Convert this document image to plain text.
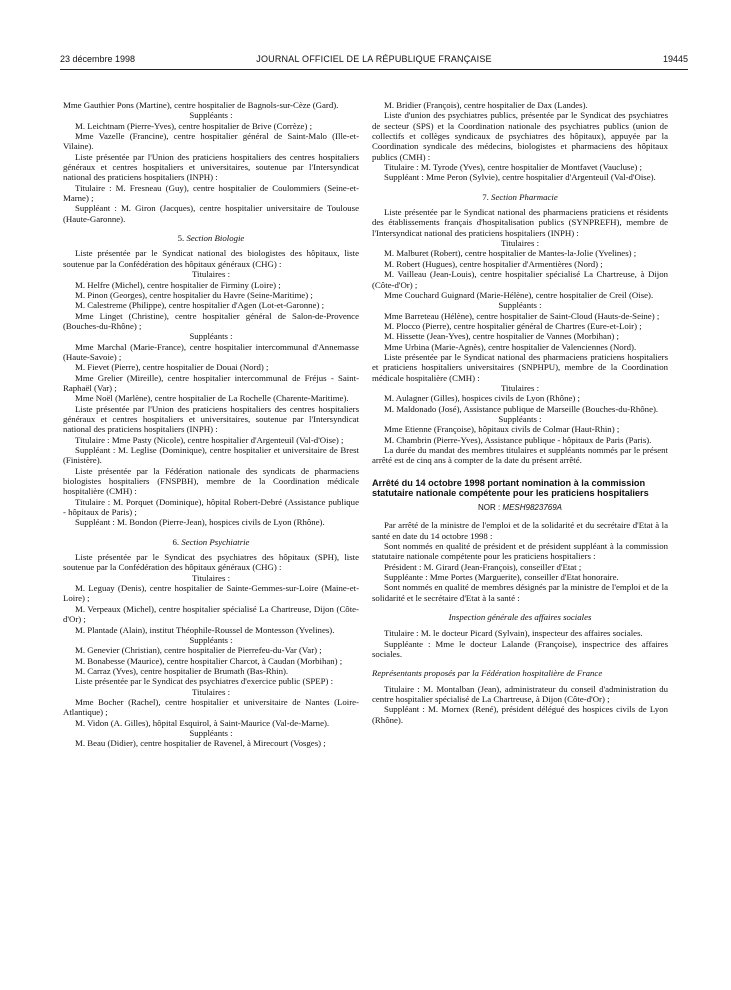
23 décembre 1998	JOURNAL OFFICIEL DE LA RÉPUBLIQUE FRANÇAISE	19445

Mme Gauthier Pons (Martine), centre hospitalier de Bagnols-sur-Cèze (Gard).

Suppléants :

M. Leichtnam (Pierre-Yves), centre hospitalier de Brive (Corrèze) ;

Mme Vazelle (Francine), centre hospitalier général de Saint-Malo (Ille-et-Vilaine).

Liste présentée par l'Union des praticiens hospitaliers des centres hospitaliers généraux et centres hospitaliers et universitaires, soutenue par l'Intersyndicat national des praticiens hospitaliers (INPH) :

Titulaire : M. Fresneau (Guy), centre hospitalier de Coulommiers (Seine-et-Marne) ;

Suppléant : M. Giron (Jacques), centre hospitalier universitaire de Toulouse (Haute-Garonne).

5. Section Biologie

Liste présentée par le Syndicat national des biologistes des hôpitaux, liste soutenue par la Confédération des hôpitaux généraux (CHG) :

Titulaires :

M. Helfre (Michel), centre hospitalier de Firminy (Loire) ;

M. Pinon (Georges), centre hospitalier du Havre (Seine-Maritime) ;

M. Calestreme (Philippe), centre hospitalier d'Agen (Lot-et-Garonne) ;

Mme Linget (Christine), centre hospitalier général de Salon-de-Provence (Bouches-du-Rhône) ;

Suppléants :

Mme Marchal (Marie-France), centre hospitalier intercommunal d'Annemasse (Haute-Savoie) ;

M. Fievet (Pierre), centre hospitalier de Douai (Nord) ;

Mme Grelier (Mireille), centre hospitalier intercommunal de Fréjus - Saint-Raphaël (Var) ;

Mme Noël (Marlène), centre hospitalier de La Rochelle (Charente-Maritime).

Liste présentée par l'Union des praticiens hospitaliers des centres hospitaliers généraux et centres hospitaliers et universitaires, soutenue par l'Intersyndicat national des praticiens hospitaliers (INPH) :

Titulaire : Mme Pasty (Nicole), centre hospitalier d'Argenteuil (Val-d'Oise) ;

Suppléant : M. Leglise (Dominique), centre hospitalier et universitaire de Brest (Finistère).

Liste présentée par la Fédération nationale des syndicats de pharmaciens biologistes hospitaliers (FNSPBH), membre de la Coordination médicale hospitalière (CMH) :

Titulaire : M. Porquet (Dominique), hôpital Robert-Debré (Assistance publique - hôpitaux de Paris) ;

Suppléant : M. Bondon (Pierre-Jean), hospices civils de Lyon (Rhône).

6. Section Psychiatrie

Liste présentée par le Syndicat des psychiatres des hôpitaux (SPH), liste soutenue par la Confédération des hôpitaux généraux (CHG) :

Titulaires :

M. Leguay (Denis), centre hospitalier de Sainte-Gemmes-sur-Loire (Maine-et-Loire) ;

M. Verpeaux (Michel), centre hospitalier spécialisé La Chartreuse, Dijon (Côte-d'Or) ;

M. Plantade (Alain), institut Théophile-Roussel de Montesson (Yvelines).

Suppléants :

M. Genevier (Christian), centre hospitalier de Pierrefeu-du-Var (Var) ;

M. Bonabesse (Maurice), centre hospitalier Charcot, à Caudan (Morbihan) ;

M. Carraz (Yves), centre hospitalier de Brumath (Bas-Rhin).

Liste présentée par le Syndicat des psychiatres d'exercice public (SPEP) :

Titulaires :

Mme Bocher (Rachel), centre hospitalier et universitaire de Nantes (Loire-Atlantique) ;

M. Vidon (A. Gilles), hôpital Esquirol, à Saint-Maurice (Val-de-Marne).

Suppléants :

M. Beau (Didier), centre hospitalier de Ravenel, à Mirecourt (Vosges) ;

M. Bridier (François), centre hospitalier de Dax (Landes).

Liste d'union des psychiatres publics, présentée par le Syndicat des psychiatres de secteur (SPS) et la Coordination nationale des psychiatres publics (union de collectifs et collèges syndicaux de psychiatres des hôpitaux), appuyée par la Coordination syndicale des médecins, biologistes et pharmaciens des hôpitaux publics (CMH) :

Titulaire : M. Tyrode (Yves), centre hospitalier de Montfavet (Vaucluse) ;

Suppléant : Mme Peron (Sylvie), centre hospitalier d'Argenteuil (Val-d'Oise).

7. Section Pharmacie

Liste présentée par le Syndicat national des pharmaciens praticiens et résidents des établissements français d'hospitalisation publics (SYNPREFH), membre de l'Intersyndicat national des praticiens hospitaliers (INPH) :

Titulaires :

M. Malburet (Robert), centre hospitalier de Mantes-la-Jolie (Yvelines) ;

M. Robert (Hugues), centre hospitalier d'Armentières (Nord) ;

M. Vailleau (Jean-Louis), centre hospitalier spécialisé La Chartreuse, à Dijon (Côte-d'Or) ;

Mme Couchard Guignard (Marie-Hélène), centre hospitalier de Creil (Oise).

Suppléants :

Mme Barreteau (Hélène), centre hospitalier de Saint-Cloud (Hauts-de-Seine) ;

M. Plocco (Pierre), centre hospitalier général de Chartres (Eure-et-Loir) ;

M. Hissette (Jean-Yves), centre hospitalier de Vannes (Morbihan) ;

Mme Urbina (Marie-Agnès), centre hospitalier de Valenciennes (Nord).

Liste présentée par le Syndicat national des pharmaciens praticiens hospitaliers et praticiens hospitaliers universitaires (SNPHPU), membre de la Coordination médicale hospitalière (CMH) :

Titulaires :

M. Aulagner (Gilles), hospices civils de Lyon (Rhône) ;

M. Maldonado (José), Assistance publique de Marseille (Bouches-du-Rhône).

Suppléants :

Mme Etienne (Françoise), hôpitaux civils de Colmar (Haut-Rhin) ;

M. Chambrin (Pierre-Yves), Assistance publique - hôpitaux de Paris (Paris).

La durée du mandat des membres titulaires et suppléants nommés par le présent arrêté est de cinq ans à compter de la date du présent arrêté.

Arrêté du 14 octobre 1998 portant nomination à la commission statutaire nationale compétente pour les praticiens hospitaliers
NOR : MESH9823769A

Par arrêté de la ministre de l'emploi et de la solidarité et du secrétaire d'Etat à la santé en date du 14 octobre 1998 :

Sont nommés en qualité de président et de président suppléant à la commission statutaire nationale compétente pour les praticiens hospitaliers :

Président : M. Girard (Jean-François), conseiller d'Etat ;

Suppléante : Mme Portes (Marguerite), conseiller d'Etat honoraire.

Sont nommés en qualité de membres désignés par la ministre de l'emploi et de la solidarité et le secrétaire d'Etat à la santé :

Inspection générale des affaires sociales

Titulaire : M. le docteur Picard (Sylvain), inspecteur des affaires sociales.

Suppléante : Mme le docteur Lalande (Françoise), inspectrice des affaires sociales.

Représentants proposés par la Fédération hospitalière de France

Titulaire : M. Montalban (Jean), administrateur du conseil d'administration du centre hospitalier spécialisé de La Chartreuse, à Dijon (Côte-d'Or) ;

Suppléant : M. Mornex (René), président délégué des hospices civils de Lyon (Rhône).
